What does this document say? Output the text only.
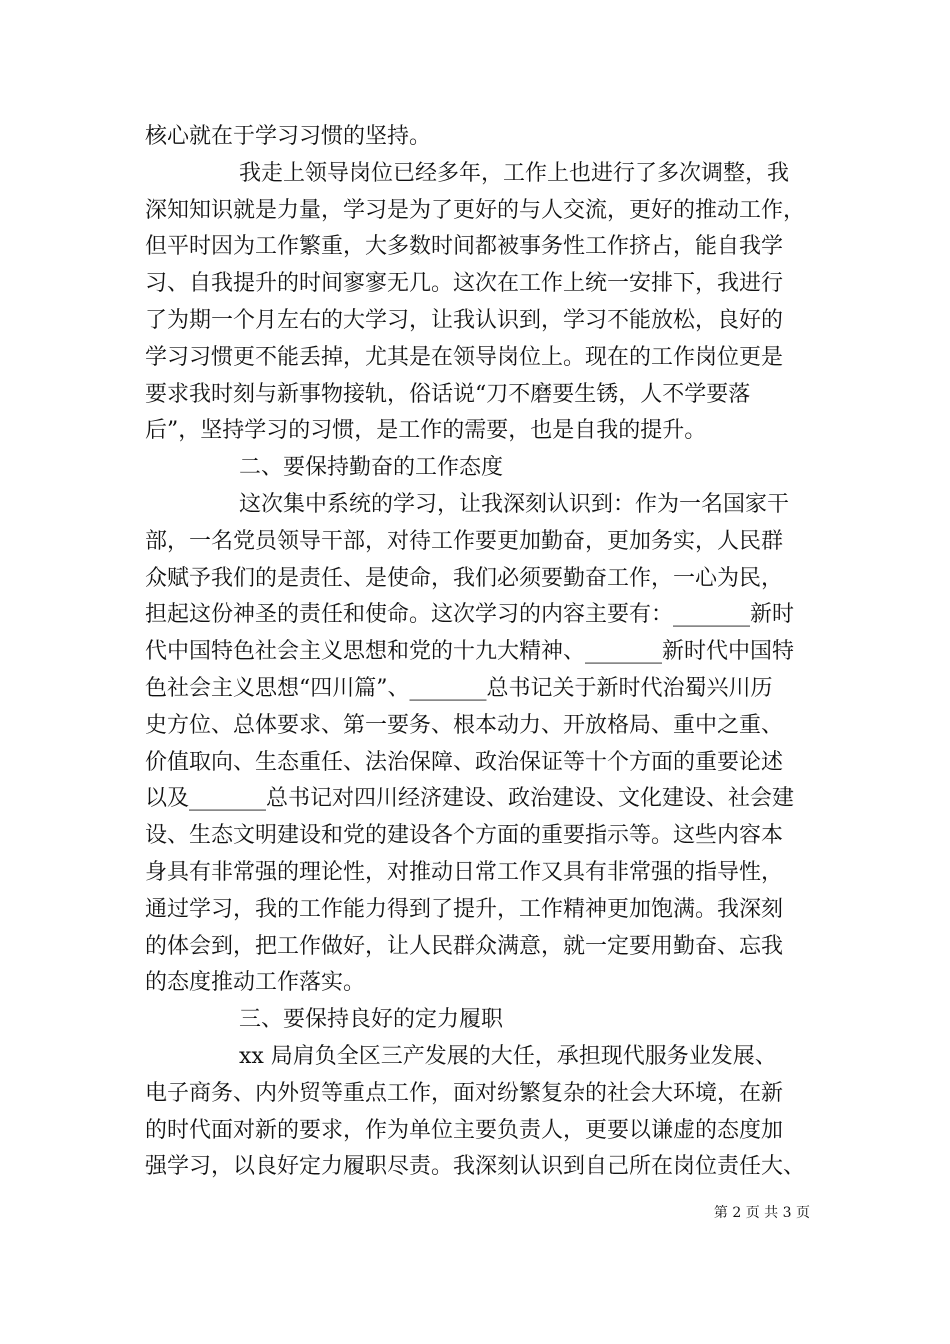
核心就在于学习习惯的坚持。
我走上领导岗位已经多年，工作上也进行了多次调整，我
深知知识就是力量，学习是为了更好的与人交流，更好的推动工作，
但平时因为工作繁重，大多数时间都被事务性工作挤占，能自我学
习、自我提升的时间寥寥无几。这次在工作上统一安排下，我进行
了为期一个月左右的大学习，让我认识到，学习不能放松，良好的
学习习惯更不能丢掉，尤其是在领导岗位上。现在的工作岗位更是
要求我时刻与新事物接轨，俗话说“刀不磨要生锈，人不学要落
后”，坚持学习的习惯，是工作的需要，也是自我的提升。
二、要保持勤奋的工作态度
这次集中系统的学习，让我深刻认识到：作为一名国家干
部，一名党员领导干部，对待工作要更加勤奋，更加务实，人民群
众赋予我们的是责任、是使命，我们必须要勤奋工作，一心为民，
担起这份神圣的责任和使命。这次学习的内容主要有：_______新时
代中国特色社会主义思想和党的十九大精神、_______新时代中国特
色社会主义思想“四川篇”、_______总书记关于新时代治蜀兴川历
史方位、总体要求、第一要务、根本动力、开放格局、重中之重、
价值取向、生态重任、法治保障、政治保证等十个方面的重要论述
以及_______总书记对四川经济建设、政治建设、文化建设、社会建
设、生态文明建设和党的建设各个方面的重要指示等。这些内容本
身具有非常强的理论性，对推动日常工作又具有非常强的指导性，
通过学习，我的工作能力得到了提升，工作精神更加饱满。我深刻
的体会到，把工作做好，让人民群众满意，就一定要用勤奋、忘我
的态度推动工作落实。
三、要保持良好的定力履职
xx 局肩负全区三产发展的大任，承担现代服务业发展、
电子商务、内外贸等重点工作，面对纷繁复杂的社会大环境，在新
的时代面对新的要求，作为单位主要负责人，更要以谦虚的态度加
强学习，以良好定力履职尽责。我深刻认识到自己所在岗位责任大、
第 2 页 共 3 页
